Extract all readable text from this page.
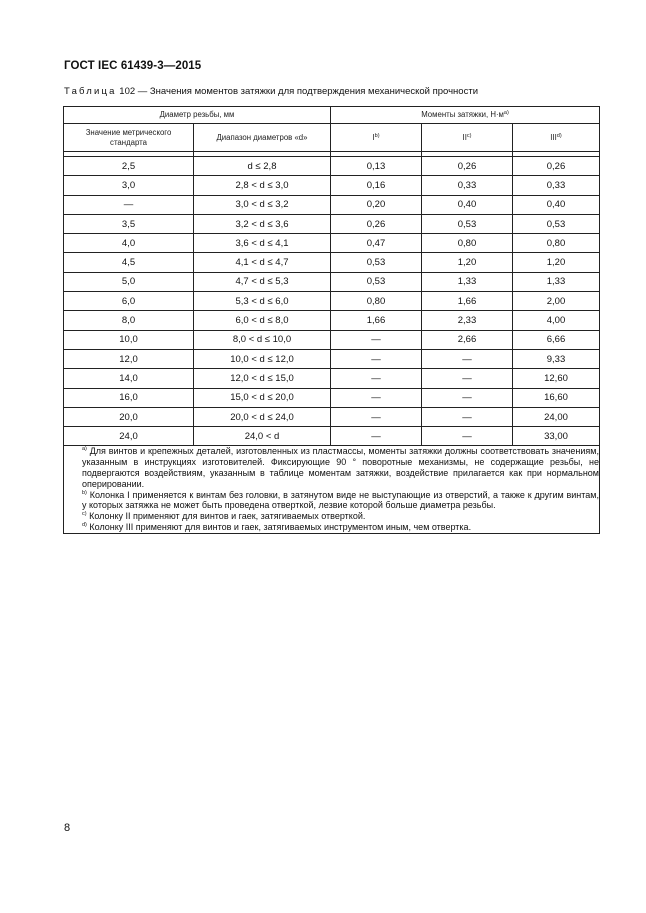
ГОСТ IEC 61439-3—2015
Таблица 102 — Значения моментов затяжки для подтверждения механической прочности
Диаметр резьбы, мм		Моменты затяжки, $Н\cdot м^{a)}$
Значение метрического стандарта	Диапазон диаметров «d»	$I^{b)}$	II$^{c)}$	III$^{d)}$

2,5	d ≤ 2,8	0,13	0,26	0,26
3,0	2,8 < d ≤ 3,0	0,16	0,33	0,33
—	3,0 < d ≤ 3,2	0,20	0,40	0,40
3,5	3,2 < d ≤ 3,6	0,26	0,53	0,53
4,0	3,6 < d ≤ 4,1	0,47	0,80	0,80
4,5	4,1 < d ≤ 4,7	0,53	1,20	1,20
5,0	4,7 < d ≤ 5,3	0,53	1,33	1,33
6,0	5,3 < d ≤ 6,0	0,80	1,66	2,00
8,0	6,0 < d ≤ 8,0	1,66	2,33	4,00
10,0	8,0 < d ≤ 10,0	—	2,66	6,66
12,0	10,0 < d ≤ 12,0	—	—	9,33
14,0	12,0 < d ≤ 15,0	—	—	12,60
16,0	15,0 < d ≤ 20,0	—	—	16,60
20,0	20,0 < d ≤ 24,0	—	—	24,00
24,0	24,0 < d	—	—	33,00

$^{a)}$ Для винтов и крепежных деталей, изготовленных из пластмассы, моменты затяжки должны соответствовать значениям, указанным в инструкциях изготовителей. Фиксирующие 90 ° поворотные механизмы, не содержащие резьбы, не подвергаются воздействиям, указанным в таблице моментам затяжки, воздействие прилагается как при нормальном оперировании.

$^{b)}$ Колонка I применяется к винтам без головки, в затянутом виде не выступающие из отверстий, а также к другим винтам, у которых затяжка не может быть проведена отверткой, лезвие которой больше диаметра резьбы.

$^{c)}$ Колонку II применяют для винтов и гаек, затягиваемых отверткой.

$^{d)}$ Колонку III применяют для винтов и гаек, затягиваемых инструментом иным, чем отвертка.				

8
